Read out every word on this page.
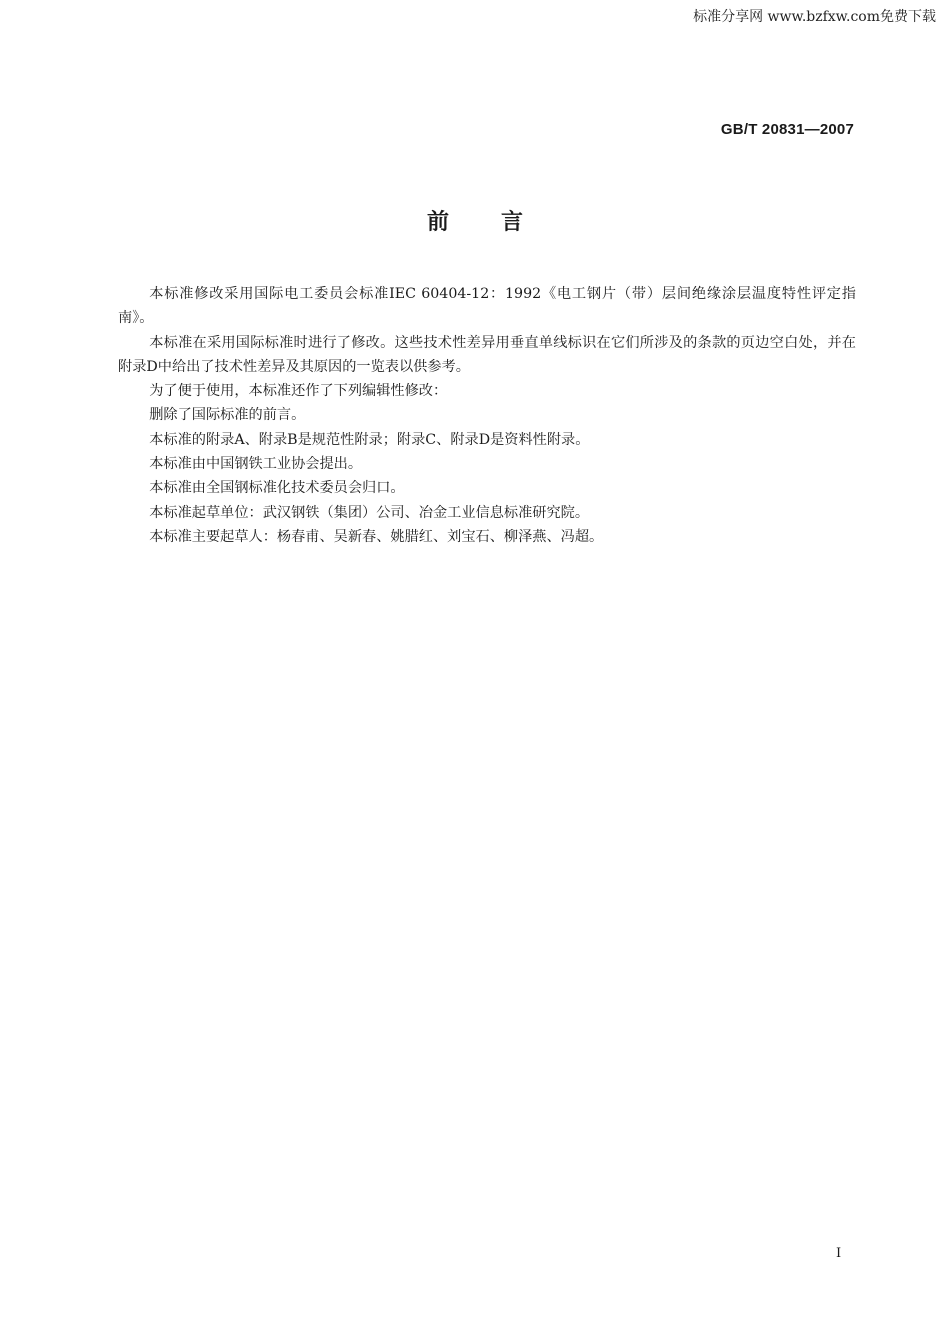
标准分享网 www.bzfxw.com免费下载
GB/T 20831—2007
前言

本标准修改采用国际电工委员会标准IEC 60404-12：1992《电工钢片（带）层间绝缘涂层温度特性评定指南》。

本标准在采用国际标准时进行了修改。这些技术性差异用垂直单线标识在它们所涉及的条款的页边空白处，并在附录D中给出了技术性差异及其原因的一览表以供参考。

为了便于使用，本标准还作了下列编辑性修改：

删除了国际标准的前言。

本标准的附录A、附录B是规范性附录；附录C、附录D是资料性附录。

本标准由中国钢铁工业协会提出。

本标准由全国钢标准化技术委员会归口。

本标准起草单位：武汉钢铁（集团）公司、冶金工业信息标准研究院。

本标准主要起草人：杨春甫、吴新春、姚腊红、刘宝石、柳泽燕、冯超。

Ⅰ
